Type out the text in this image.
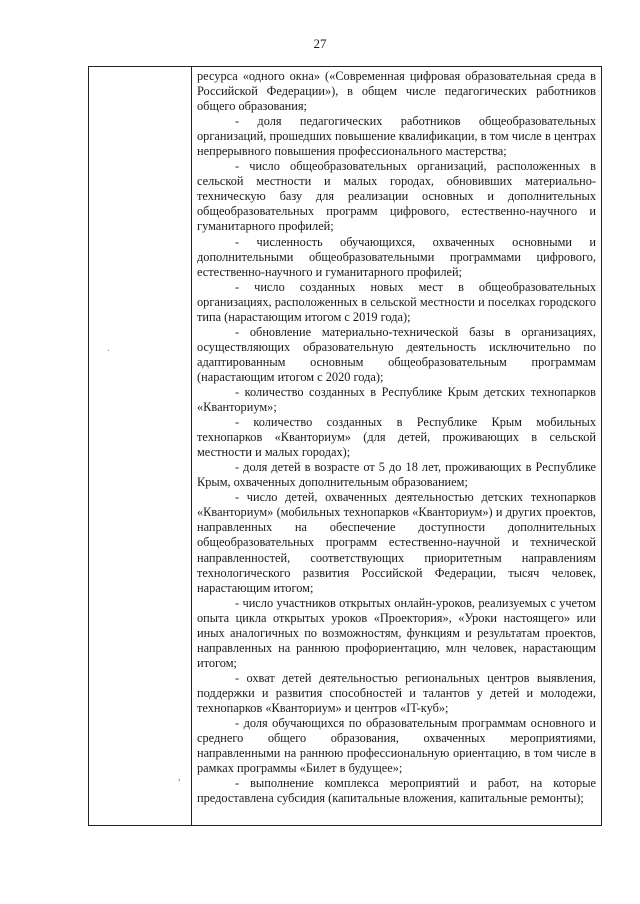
27

ресурса «одного окна» («Современная цифровая образовательная среда в Российской Федерации»), в общем числе педагогических работников общего образования;

- доля педагогических работников общеобразовательных организаций, прошедших повышение квалификации, в том числе в центрах непрерывного повышения профессионального мастерства;

- число общеобразовательных организаций, расположенных в сельской местности и малых городах, обновивших материально-техническую базу для реализации основных и дополнительных общеобразовательных программ цифрового, естественно-научного и гуманитарного профилей;

- численность обучающихся, охваченных основными и дополнительными общеобразовательными программами цифрового, естественно-научного и гуманитарного профилей;

- число созданных новых мест в общеобразовательных организациях, расположенных в сельской местности и поселках городского типа (нарастающим итогом с 2019 года);

- обновление материально-технической базы в организациях, осуществляющих образовательную деятельность исключительно по адаптированным основным общеобразовательным программам (нарастающим итогом с 2020 года);

- количество созданных в Республике Крым детских технопарков «Кванториум»;

- количество созданных в Республике Крым мобильных технопарков «Кванториум» (для детей, проживающих в сельской местности и малых городах);

- доля детей в возрасте от 5 до 18 лет, проживающих в Республике Крым, охваченных дополнительным образованием;

- число детей, охваченных деятельностью детских технопарков «Кванториум» (мобильных технопарков «Кванториум») и других проектов, направленных на обеспечение доступности дополнительных общеобразовательных программ естественно-научной и технической направленностей, соответствующих приоритетным направлениям технологического развития Российской Федерации, тысяч человек, нарастающим итогом;

- число участников открытых онлайн-уроков, реализуемых с учетом опыта цикла открытых уроков «Проектория», «Уроки настоящего» или иных аналогичных по возможностям, функциям и результатам проектов, направленных на раннюю профориентацию, млн человек, нарастающим итогом;

- охват детей деятельностью региональных центров выявления, поддержки и развития способностей и талантов у детей и молодежи, технопарков «Кванториум» и центров «IT-куб»;

- доля обучающихся по образовательным программам основного и среднего общего образования, охваченных мероприятиями, направленными на раннюю профессиональную ориентацию, в том числе в рамках программы «Билет в будущее»;

- выполнение комплекса мероприятий и работ, на которые предоставлена субсидия (капитальные вложения, капитальные ремонты);

·
,
